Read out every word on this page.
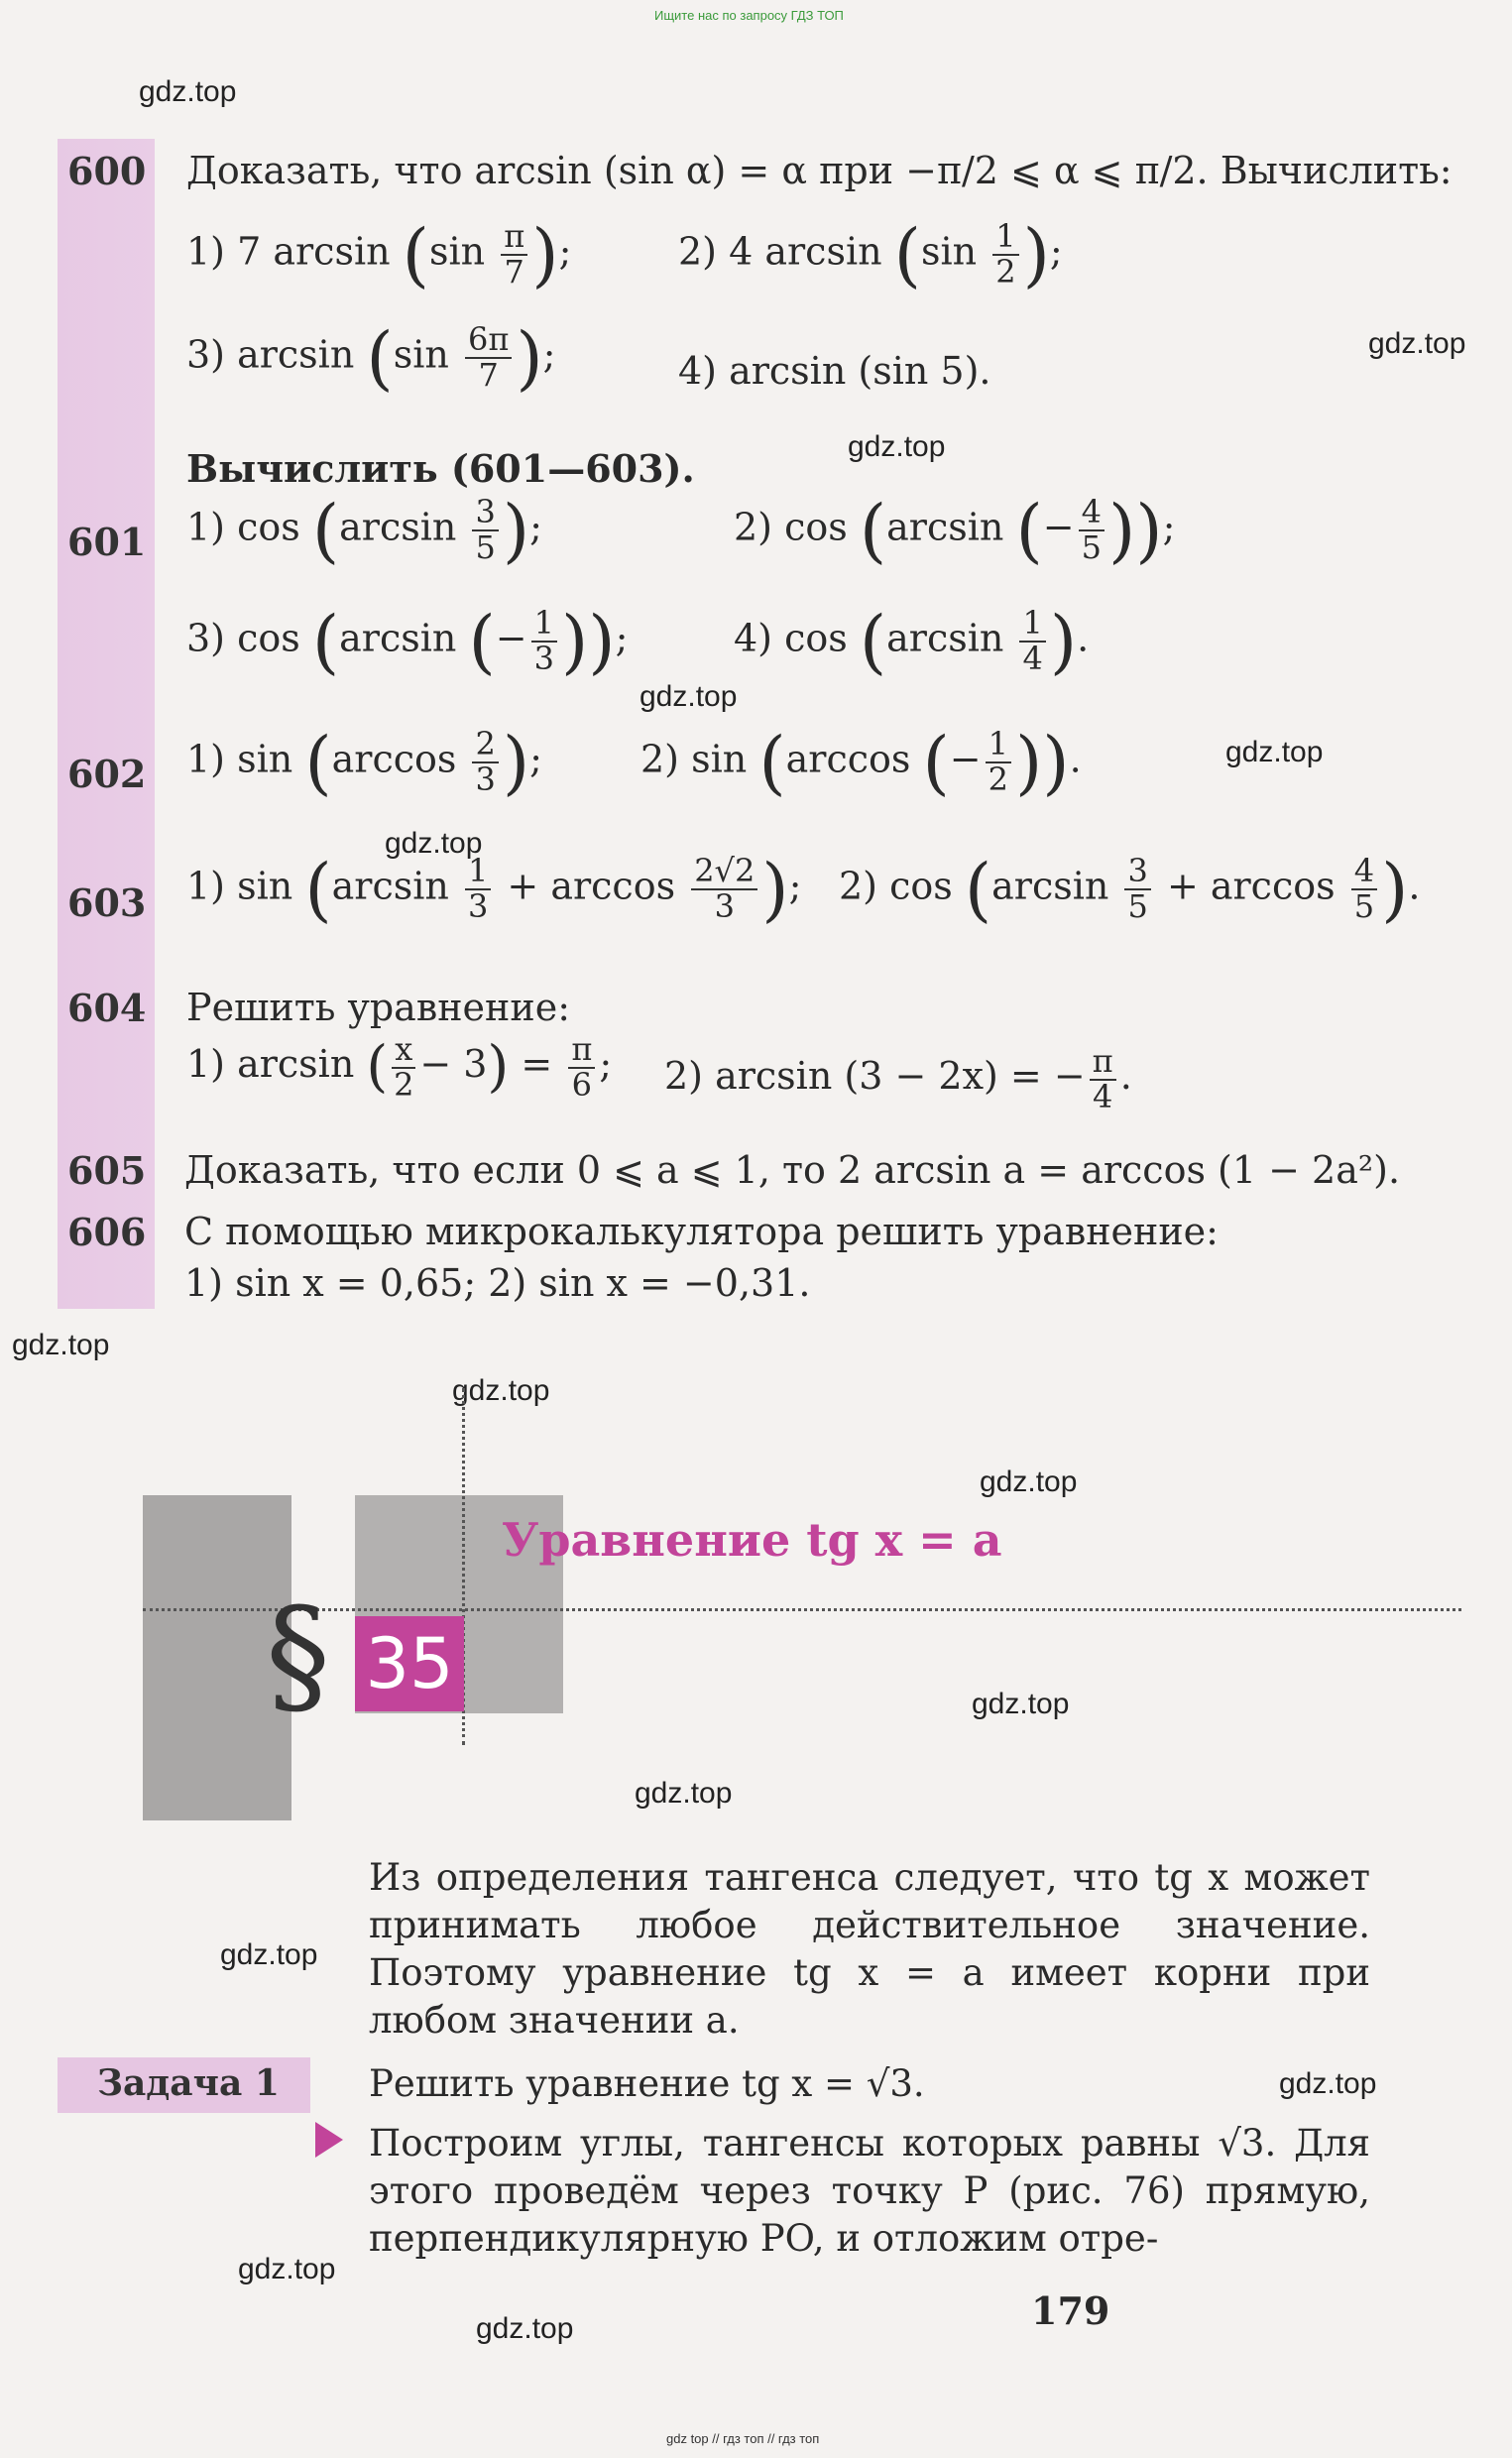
Ищите нас по запросу ГДЗ ТОП
gdz.top
gdz.top
gdz.top
gdz.top
gdz.top
gdz.top
gdz.top
gdz.top
gdz.top
gdz.top
gdz.top
gdz.top
gdz.top
gdz.top
gdz.top
600 Доказать, что arcsin (sin α) = α при −π/2 ⩽ α ⩽ π/2. Вычислить:
1) 7 $\arcsin (\sin \frac{\pi}{7}$ );	2) 4 $\arcsin (\sin \frac{1}{2}$ );
3) $\arcsin (\sin \frac{6\pi}{7}$ );	4) arcsin (sin 5).
Вычислить (601—603).
601 1) $\cos (\arcsin \frac{3}{5}$ );	2) cos (arcsin (− $\frac{4}{5}$ ));
3) cos (arcsin (− $\frac{1}{3}$ ));	4) $\cos (\arcsin \frac{1}{4}$ ).
602 1) $\sin (\arccos \frac{2}{3}$ );	2) sin (arccos (− $\frac{1}{2}$ )).
603 1) $\sin (\arcsin \frac{1}{3} + \arccos \frac{2√2}{3}$ ); 2) $\cos (\arcsin \frac{3}{5} + \arccos \frac{4}{5}$ ).
604 Решить уравнение:
1) arcsin ( $\frac{x}{2} - 3) = \frac{\pi}{6}$ ; 2) arcsin (3 − 2x) = − $\frac{\pi}{4}$ .
605 Доказать, что если 0 ⩽ a ⩽ 1, то 2 arcsin a = arccos (1 − 2a²).
606 С помощью микрокалькулятора решить уравнение:
1) sin x = 0,65; 2) sin x = −0,31.
§ 35
Уравнение tg x = a
Из определения тангенса следует, что tg x может принимать любое действительное значение. Поэтому уравнение tg x = a имеет корни при любом значении a.
Задача 1 Решить уравнение tg x = √3.
Построим углы, тангенсы которых равны √3. Для этого проведём через точку P (рис. 76) прямую, перпендикулярную PO, и отложим отре-
179
gdz top // гдз топ // гдз топ
